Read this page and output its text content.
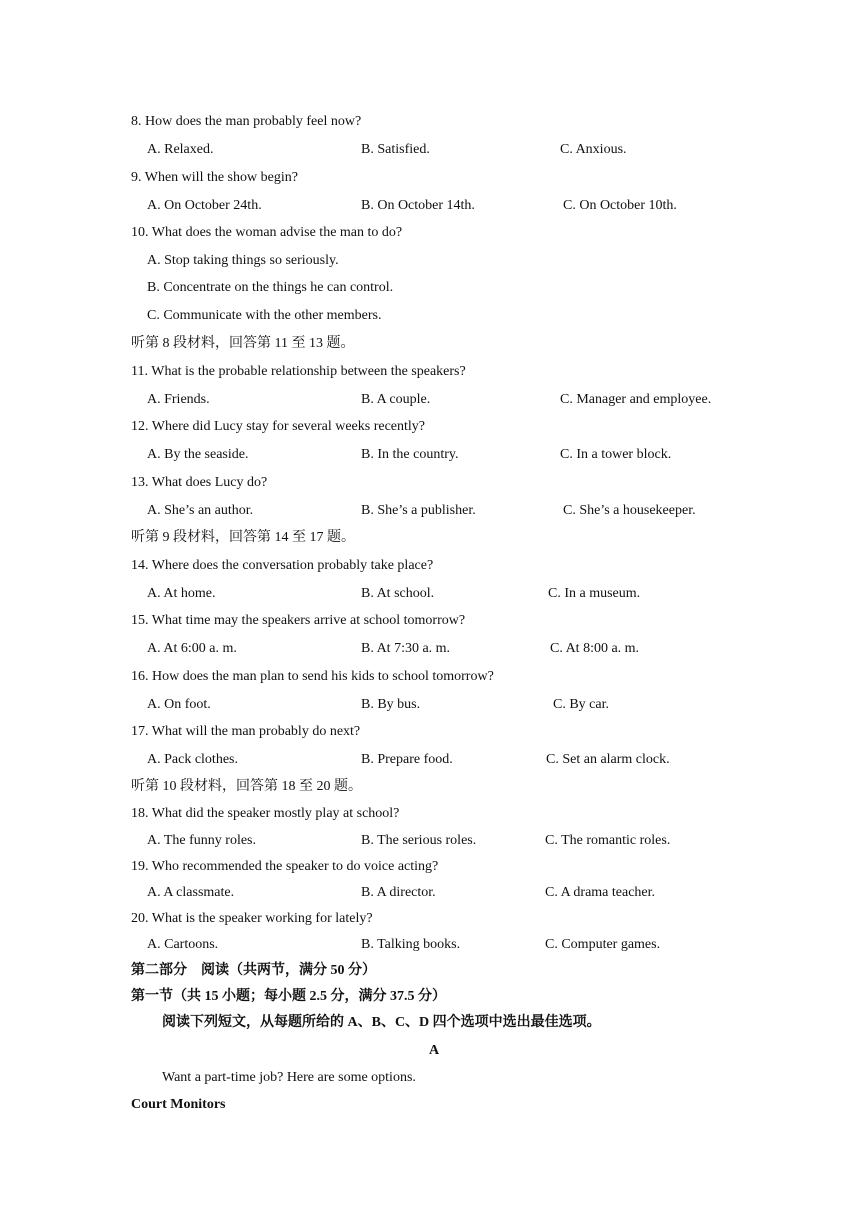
8. How does the man probably feel now?
A. Relaxed.	B. Satisfied.	C. Anxious.
9. When will the show begin?
A. On October 24th.	B. On October 14th.	C. On October 10th.
10. What does the woman advise the man to do?
A. Stop taking things so seriously.
B. Concentrate on the things he can control.
C. Communicate with the other members.
听第 8 段材料，回答第 11 至 13 题。
11. What is the probable relationship between the speakers?
A. Friends.	B. A couple.	C. Manager and employee.
12. Where did Lucy stay for several weeks recently?
A. By the seaside.	B. In the country.	C. In a tower block.
13. What does Lucy do?
A. She’s an author.	B. She’s a publisher.	C. She’s a housekeeper.
听第 9 段材料，回答第 14 至 17 题。
14. Where does the conversation probably take place?
A. At home.	B. At school.	C. In a museum.
15. What time may the speakers arrive at school tomorrow?
A. At 6:00 a. m.	B. At 7:30 a. m.	C. At 8:00 a. m.
16. How does the man plan to send his kids to school tomorrow?
A. On foot.	B. By bus.	C. By car.
17. What will the man probably do next?
A. Pack clothes.	B. Prepare food.	C. Set an alarm clock.
听第 10 段材料，回答第 18 至 20 题。
18. What did the speaker mostly play at school?
A. The funny roles.	B. The serious roles.	C. The romantic roles.
19. Who recommended the speaker to do voice acting?
A. A classmate.	B. A director.	C. A drama teacher.
20. What is the speaker working for lately?
A. Cartoons.	B. Talking books.	C. Computer games.
第二部分　阅读（共两节，满分 50 分）
第一节（共 15 小题；每小题 2.5 分，满分 37.5 分）
阅读下列短文，从每题所给的 A、B、C、D 四个选项中选出最佳选项。
A
Want a part-time job? Here are some options.
Court Monitors
